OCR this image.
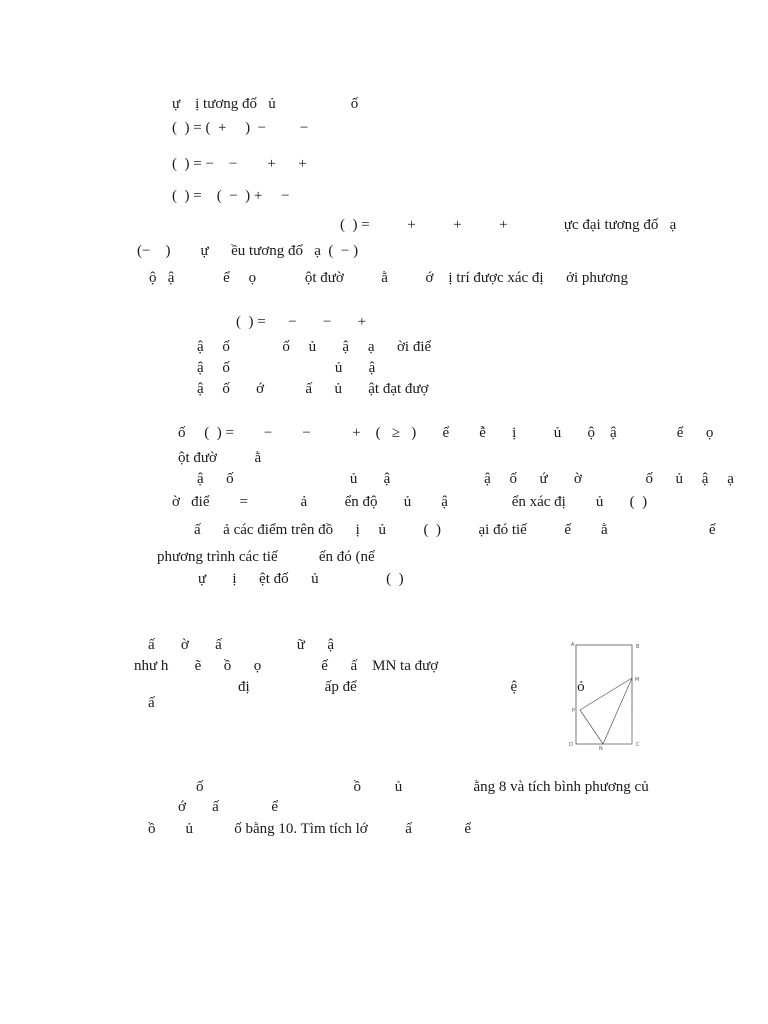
ự    ị tương đố   ủ                    ố
(  ) = (  +     )  −         −
(  ) = −    −        +      +
(  ) =    (  −  ) +     −
(  ) =          +          +          +               ực đại tương đố   ạ
(−    )        ự      ều tương đố   ạ  (  − )
ộ   ậ             ể     ọ             ột đườ          ằ          ớ    ị trí được xác đị      ởi phương
(  ) =      −       −       +
ậ     ố              ố     ủ       ậ     ạ      ời điể
ậ     ố                            ủ       ậ
ậ     ố       ớ           ấ      ủ       ật đạt đượ
ố     (  ) =        −        −           +    (   ≥   )       ể        ễ       ị          ủ       ộ    ậ                ể      ọ
ột đườ          ằ
ậ      ố                               ủ       ậ                         ậ     ố      ứ       ờ                 ố      ủ     ậ     ạ
ờ   điể        =              ả          ển độ       ủ        ậ                 ển xác đị        ủ       (  )
ấ      ả các điểm trên đồ      ị     ủ          (  )          ại đó tiế          ế        ằ                           ế
phương trình các tiế           ến đó (nế
ự       ị      ệt đố      ủ                  (  )
ấ       ờ       ấ                    ữ      ậ
như h       ẽ      ồ      ọ                ế      ấ    MN ta đượ
đị                    ấp để                                         ệ                ỏ
ấ
ố                                        ồ         ủ                   ằng 8 và tích bình phương củ
ớ       ấ              ể
ồ        ủ           ố bằng 10. Tìm tích lớ          ấ              ể
A	B
M
P
D
N
C
